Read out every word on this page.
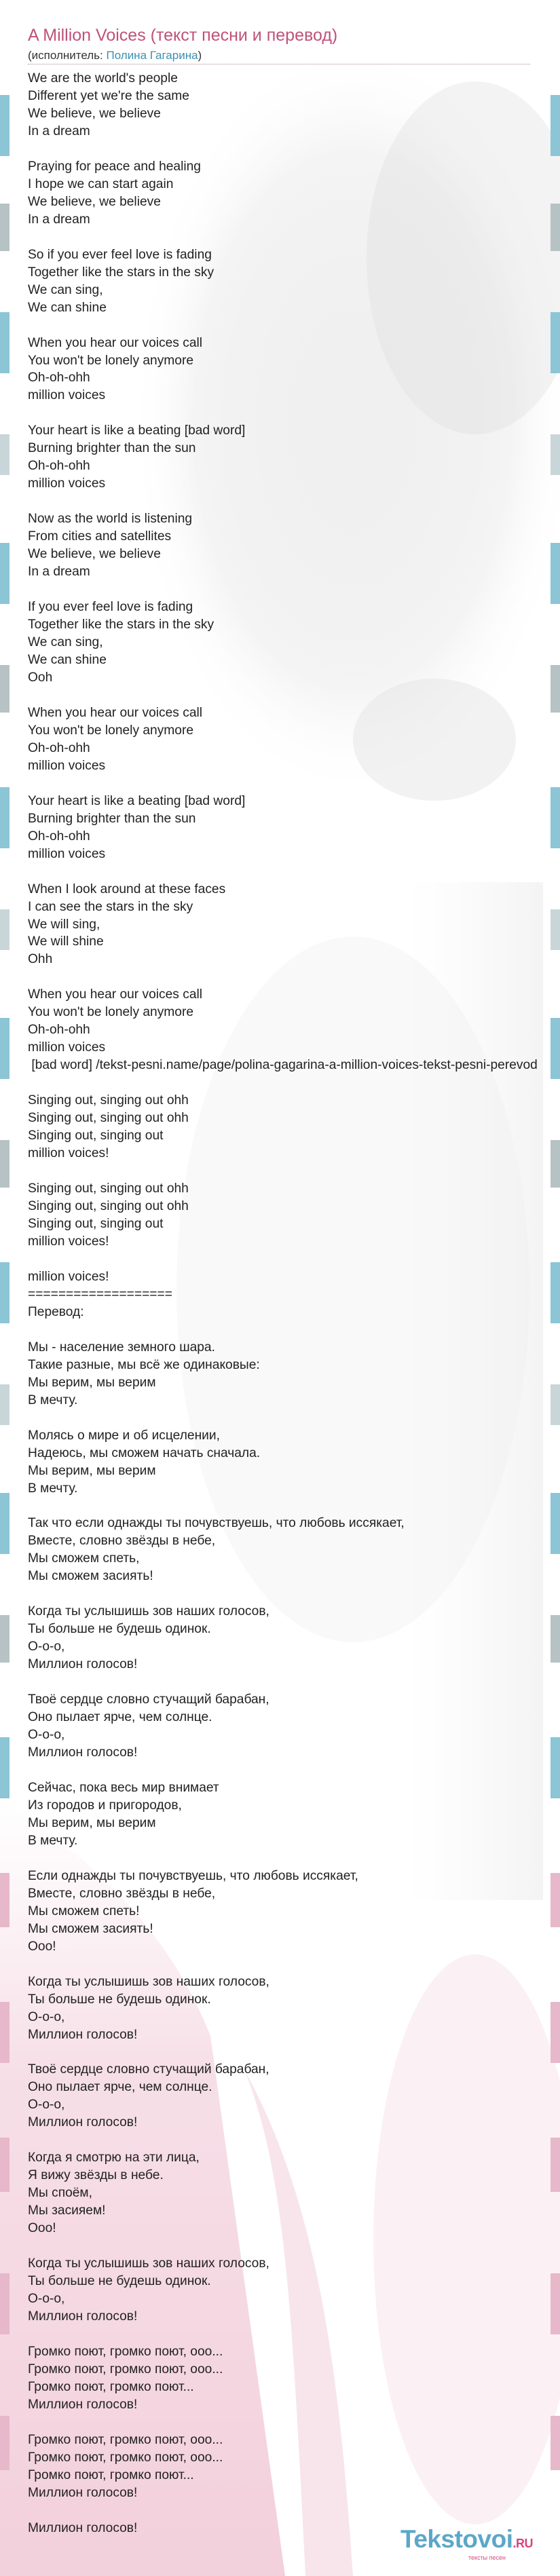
A Million Voices (текст песни и перевод)
(исполнитель: Полина Гагарина)
We are the world's people
Different yet we're the same
We believe, we believe
In a dream
Praying for peace and healing
I hope we can start again
We believe, we believe
In a dream
So if you ever feel love is fading
Together like the stars in the sky
We can sing,
We can shine
When you hear our voices call
You won't be lonely anymore
Oh-oh-ohh
million voices
Your heart is like a beating [bad word]
Burning brighter than the sun
Oh-oh-ohh
million voices
Now as the world is listening
From cities and satellites
We believe, we believe
In a dream
If you ever feel love is fading
Together like the stars in the sky
We can sing,
We can shine
Ooh
When you hear our voices call
You won't be lonely anymore
Oh-oh-ohh
million voices
Your heart is like a beating [bad word]
Burning brighter than the sun
Oh-oh-ohh
million voices
When I look around at these faces
I can see the stars in the sky
We will sing,
We will shine
Ohh
When you hear our voices call
You won't be lonely anymore
Oh-oh-ohh
million voices
[bad word] /tekst-pesni.name/page/polina-gagarina-a-million-voices-tekst-pesni-perevod
Singing out, singing out ohh
Singing out, singing out ohh
Singing out, singing out
million voices!
Singing out, singing out ohh
Singing out, singing out ohh
Singing out, singing out
million voices!
million voices!
===================
Перевод:
Мы - население земного шара.
Такие разные, мы всё же одинаковые:
Мы верим, мы верим
В мечту.
Молясь о мире и об исцелении,
Надеюсь, мы сможем начать сначала.
Мы верим, мы верим
В мечту.
Так что если однажды ты почувствуешь, что любовь иссякает,
Вместе, словно звёзды в небе,
Мы сможем спеть,
Мы сможем засиять!
Когда ты услышишь зов наших голосов,
Ты больше не будешь одинок.
О-о-о,
Миллион голосов!
Твоё сердце словно стучащий барабан,
Оно пылает ярче, чем солнце.
О-о-о,
Миллион голосов!
Сейчас, пока весь мир внимает
Из городов и пригородов,
Мы верим, мы верим
В мечту.
Если однажды ты почувствуешь, что любовь иссякает,
Вместе, словно звёзды в небе,
Мы сможем спеть!
Мы сможем засиять!
Ооо!
Когда ты услышишь зов наших голосов,
Ты больше не будешь одинок.
О-о-о,
Миллион голосов!
Твоё сердце словно стучащий барабан,
Оно пылает ярче, чем солнце.
О-о-о,
Миллион голосов!
Когда я смотрю на эти лица,
Я вижу звёзды в небе.
Мы споём,
Мы засияем!
Ооо!
Когда ты услышишь зов наших голосов,
Ты больше не будешь одинок.
О-о-о,
Миллион голосов!
Громко поют, громко поют, ооо...
Громко поют, громко поют, ооо...
Громко поют, громко поют...
Миллион голосов!
Громко поют, громко поют, ооо...
Громко поют, громко поют, ооо...
Громко поют, громко поют...
Миллион голосов!
Миллион голосов!	Tekstovoi.RU
тексты песен
